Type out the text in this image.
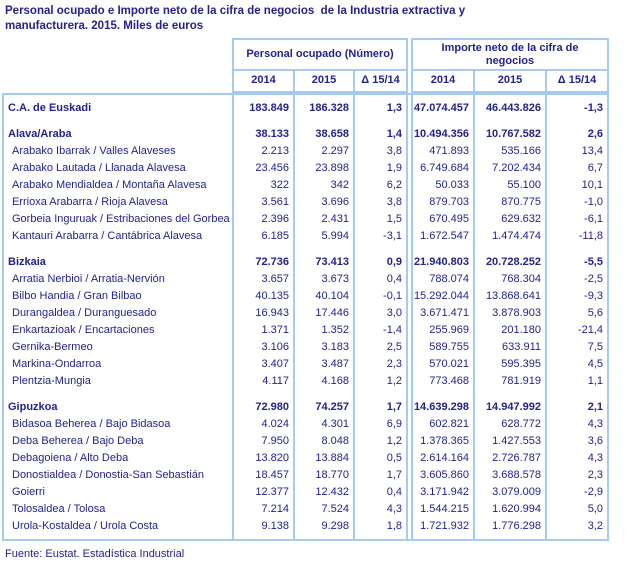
Personal ocupado e Importe neto de la cifra de negocios  de la Industria extractiva y
manufacturera. 2015. Miles de euros
Personal ocupado (Número)
2014	2015	Δ 15/14
Importe neto de la cifra de negocios
2014	2015	Δ 15/14
C.A. de Euskadi	183.849	186.328	1,3	47.074.457	46.443.826	-1,3
Alava/Araba	38.133	38.658	1,4	10.494.356	10.767.582	2,6
Arabako Ibarrak / Valles Alaveses	2.213	2.297	3,8	471.893	535.166	13,4
Arabako Lautada / Llanada Alavesa	23.456	23.898	1,9	6.749.684	7.202.434	6,7
Arabako Mendialdea / Montaña Alavesa	322	342	6,2	50.033	55.100	10,1
Errioxa Arabarra / Rioja Alavesa	3.561	3.696	3,8	879.703	870.775	-1,0
Gorbeia Inguruak / Estribaciones del Gorbea	2.396	2.431	1,5	670.495	629.632	-6,1
Kantauri Arabarra / Cantábrica Alavesa	6.185	5.994	-3,1	1.672.547	1.474.474	-11,8
Bizkaia	72.736	73.413	0,9	21.940.803	20.728.252	-5,5
Arratia Nerbioi / Arratia-Nervión	3.657	3.673	0,4	788.074	768.304	-2,5
Bilbo Handia / Gran Bilbao	40.135	40.104	-0,1	15.292.044	13.868.641	-9,3
Durangaldea / Duranguesado	16.943	17.446	3,0	3.671.471	3.878.903	5,6
Enkartazioak / Encartaciones	1.371	1.352	-1,4	255.969	201.180	-21,4
Gernika-Bermeo	3.106	3.183	2,5	589.755	633.911	7,5
Markina-Ondarroa	3.407	3.487	2,3	570.021	595.395	4,5
Plentzia-Mungia	4.117	4.168	1,2	773.468	781.919	1,1
Gipuzkoa	72.980	74.257	1,7	14.639.298	14.947.992	2,1
Bidasoa Beherea / Bajo Bidasoa	4.024	4.301	6,9	602.821	628.772	4,3
Deba Beherea / Bajo Deba	7.950	8.048	1,2	1.378.365	1.427.553	3,6
Debagoiena / Alto Deba	13.820	13.884	0,5	2.614.164	2.726.787	4,3
Donostialdea / Donostia-San Sebastián	18.457	18.770	1,7	3.605.860	3.688.578	2,3
Goierri	12.377	12.432	0,4	3.171.942	3.079.009	-2,9
Tolosaldea / Tolosa	7.214	7.524	4,3	1.544.215	1.620.994	5,0
Urola-Kostaldea / Urola Costa	9.138	9.298	1,8	1.721.932	1.776.298	3,2
Fuente: Eustat. Estadística Industrial
